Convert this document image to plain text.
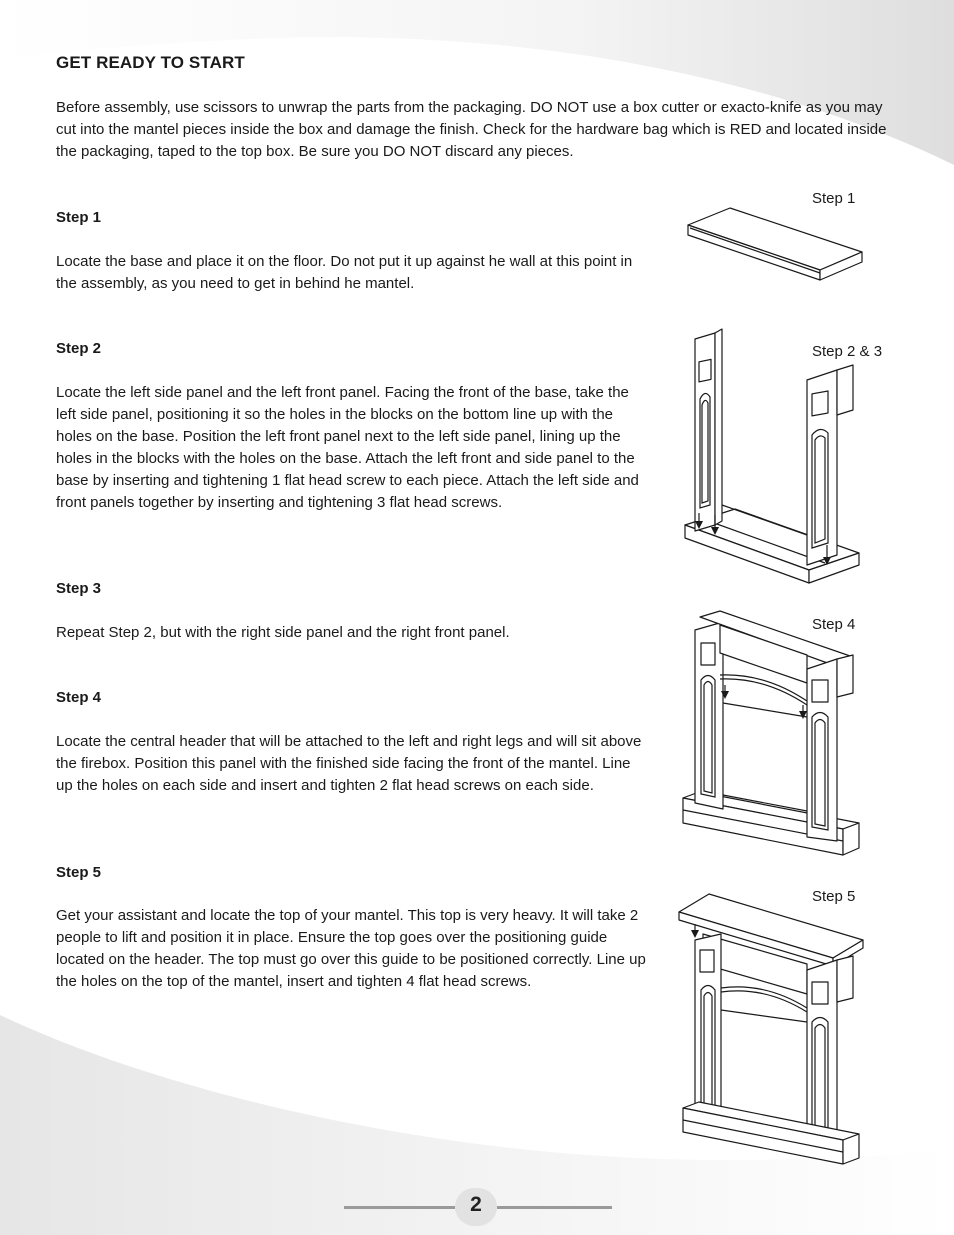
GET READY TO START

Before assembly, use scissors to unwrap the parts from the packaging. DO NOT use a box cutter or exacto-knife as you may cut into the mantel pieces inside the box and damage the finish. Check for the hardware bag which is RED and located inside the packaging, taped to the top box. Be sure you DO NOT discard any pieces.

Step 1

Locate the base and place it on the floor. Do not put it up against he wall at this point in the assembly, as you need to get in behind he mantel.

Step 2

Locate the left side panel and the left front panel. Facing the front of the base, take the left side panel, positioning it so the holes in the blocks on the bottom line up with the holes on the base. Position the left front panel next to the left side panel, lining up the holes in the blocks with the holes on the base. Attach the left front and side panel to the base by inserting and tightening 1 flat head screw to each piece. Attach the left side and front panels together by inserting and tightening 3 flat head screws.

Step 3

Repeat Step 2, but with the right side panel and the right front panel.

Step 4

Locate the central header that will be attached to the left and right legs and will sit above the firebox. Position this panel with the finished side facing the front of the mantel. Line up the holes on each side and insert and tighten 2 flat head screws on each side.

Step 5

Get your assistant and locate the top of your mantel. This top is very heavy. It will take 2 people to lift and position it in place. Ensure the top goes over the positioning guide located on the header. The top must go over this guide to be positioned correctly. Line up the holes on the top of the mantel, insert and tighten 4 flat head screws.

Step 1
Step 2 & 3
Step 4
Step 5
2
